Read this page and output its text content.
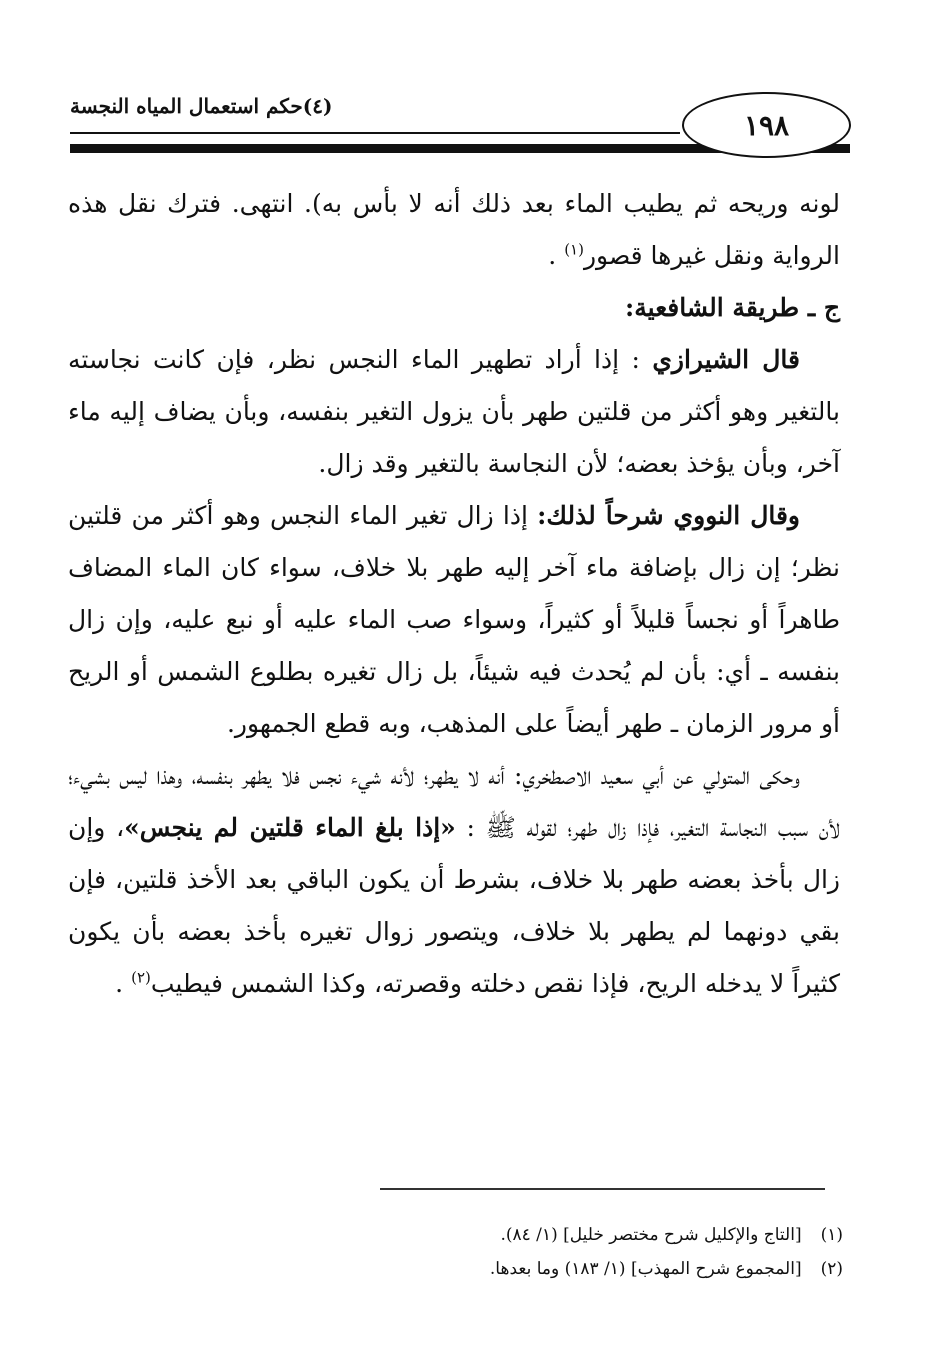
١٩٨
(٤)حكم استعمال المياه النجسة

لونه وريحه ثم يطيب الماء بعد ذلك أنه لا بأس به). انتهى. فترك نقل هذه الرواية ونقل غيرها قصور$^{(١)}$ .

ج ـ طريقة الشافعية:

قال الشيرازي : إذا أراد تطهير الماء النجس نظر، فإن كانت نجاسته بالتغير وهو أكثر من قلتين طهر بأن يزول التغير بنفسه، وبأن يضاف إليه ماء آخر، وبأن يؤخذ بعضه؛ لأن النجاسة بالتغير وقد زال.

وقال النووي شرحاً لذلك: إذا زال تغير الماء النجس وهو أكثر من قلتين نظر؛ إن زال بإضافة ماء آخر إليه طهر بلا خلاف، سواء كان الماء المضاف طاهراً أو نجساً قليلاً أو كثيراً، وسواء صب الماء عليه أو نبع عليه، وإن زال بنفسه ـ أي: بأن لم يُحدث فيه شيئاً، بل زال تغيره بطلوع الشمس أو الريح أو مرور الزمان ـ طهر أيضاً على المذهب، وبه قطع الجمهور.

وحكى المتولي عن أبي سعيد الاصطخري: أنه لا يطهر؛ لأنه شيء نجس فلا يطهر بنفسه، وهذا ليس بشيء؛ لأن سبب النجاسة التغير، فإذا زال طهر؛ لقوله ﷺ : «إذا بلغ الماء قلتين لم ينجس»، وإن زال بأخذ بعضه طهر بلا خلاف، بشرط أن يكون الباقي بعد الأخذ قلتين، فإن بقي دونهما لم يطهر بلا خلاف، ويتصور زوال تغيره بأخذ بعضه بأن يكون كثيراً لا يدخله الريح، فإذا نقص دخلته وقصرته، وكذا الشمس فيطيب$^{(٢)}$ .

(١) [التاج والإكليل شرح مختصر خليل] (١/ ٨٤).

(٢) [المجموع شرح المهذب] (١/ ١٨٣) وما بعدها.
